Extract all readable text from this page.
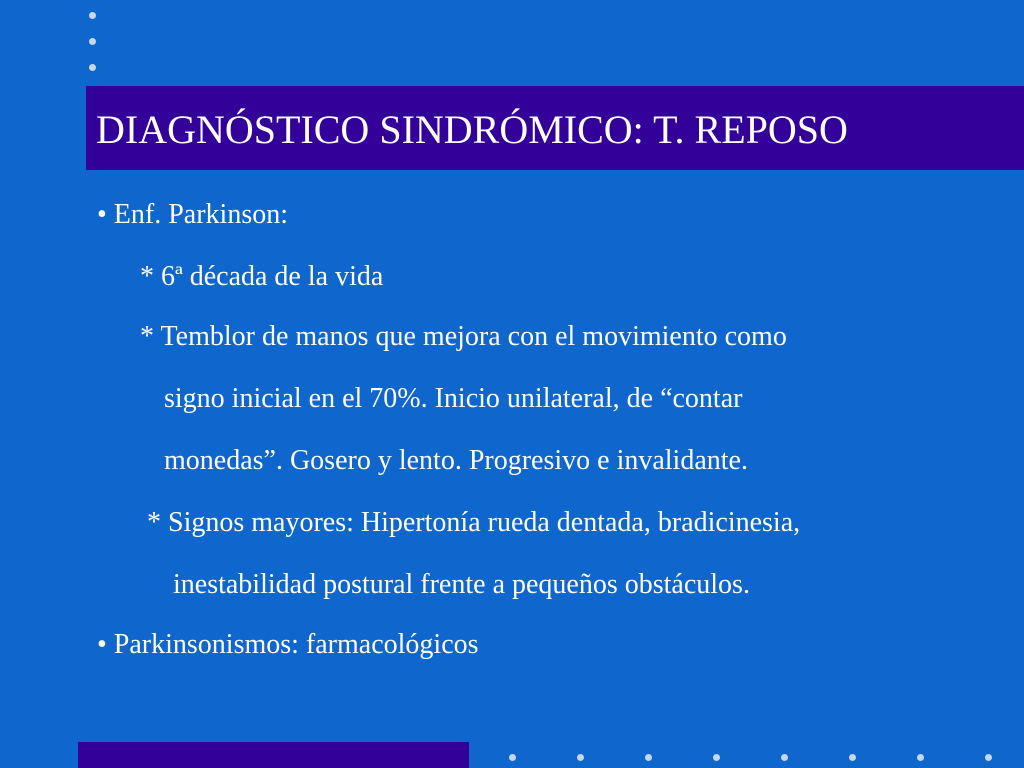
DIAGNÓSTICO SINDRÓMICO: T. REPOSO
• Enf. Parkinson:
* 6ª década de la vida
* Temblor de manos que mejora con el movimiento como
signo inicial en el 70%. Inicio unilateral, de “contar
monedas”. Gosero y lento. Progresivo e invalidante.
* Signos mayores: Hipertonía rueda dentada, bradicinesia,
inestabilidad postural frente a pequeños obstáculos.
• Parkinsonismos: farmacológicos
